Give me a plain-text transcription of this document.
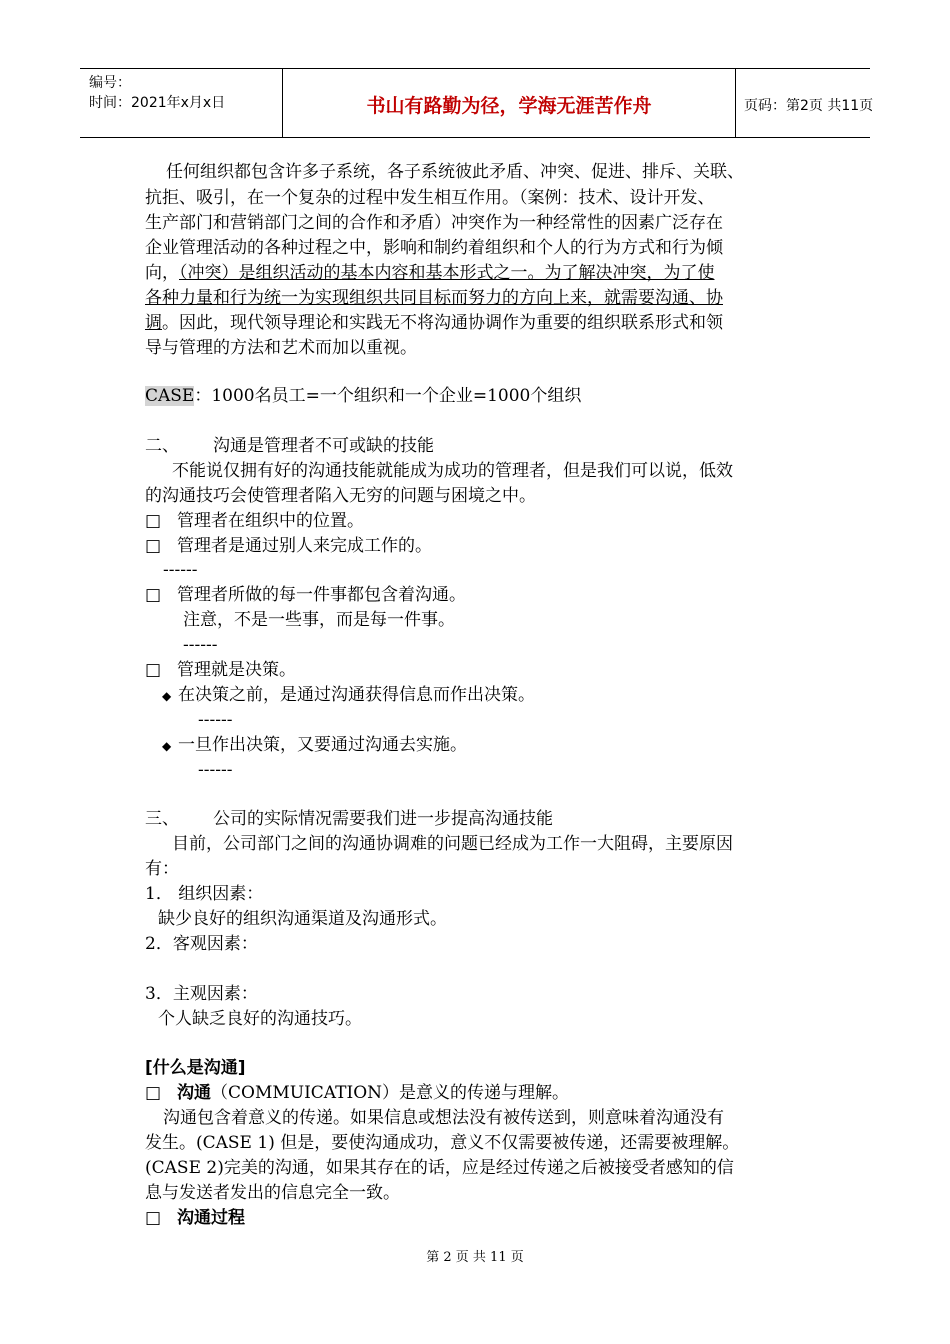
编号：
时间：2021年x月x日	书山有路勤为径，学海无涯苦作舟	页码：第2页 共11页
任何组织都包含许多子系统，各子系统彼此矛盾、冲突、促进、排斥、关联、
抗拒、吸引，在一个复杂的过程中发生相互作用。（案例：技术、设计开发、
生产部门和营销部门之间的合作和矛盾）冲突作为一种经常性的因素广泛存在
企业管理活动的各种过程之中，影响和制约着组织和个人的行为方式和行为倾
向，（冲突）是组织活动的基本内容和基本形式之一。为了解决冲突，为了使
各种力量和行为统一为实现组织共同目标而努力的方向上来，就需要沟通、协
调。因此，现代领导理论和实践无不将沟通协调作为重要的组织联系形式和领
导与管理的方法和艺术而加以重视。
CASE：1000名员工=一个组织和一个企业=1000个组织
二、 沟通是管理者不可或缺的技能
不能说仅拥有好的沟通技能就能成为成功的管理者，但是我们可以说，低效
的沟通技巧会使管理者陷入无穷的问题与困境之中。
□ 管理者在组织中的位置。
□ 管理者是通过别人来完成工作的。
------
□ 管理者所做的每一件事都包含着沟通。
注意，不是一些事，而是每一件事。
------
□ 管理就是决策。
◆ 在决策之前，是通过沟通获得信息而作出决策。
------
◆ 一旦作出决策，又要通过沟通去实施。
------
三、 公司的实际情况需要我们进一步提高沟通技能
目前，公司部门之间的沟通协调难的问题已经成为工作一大阻碍，主要原因
有：
1． 组织因素：
缺少良好的组织沟通渠道及沟通形式。
2．客观因素：
3．主观因素：
个人缺乏良好的沟通技巧。
[什么是沟通]
□ 沟通（COMMUICATION）是意义的传递与理解。
沟通包含着意义的传递。如果信息或想法没有被传送到，则意味着沟通没有
发生。(CASE 1) 但是，要使沟通成功，意义不仅需要被传递，还需要被理解。
(CASE 2)完美的沟通，如果其存在的话，应是经过传递之后被接受者感知的信
息与发送者发出的信息完全一致。
□ 沟通过程
第 2 页 共 11 页
